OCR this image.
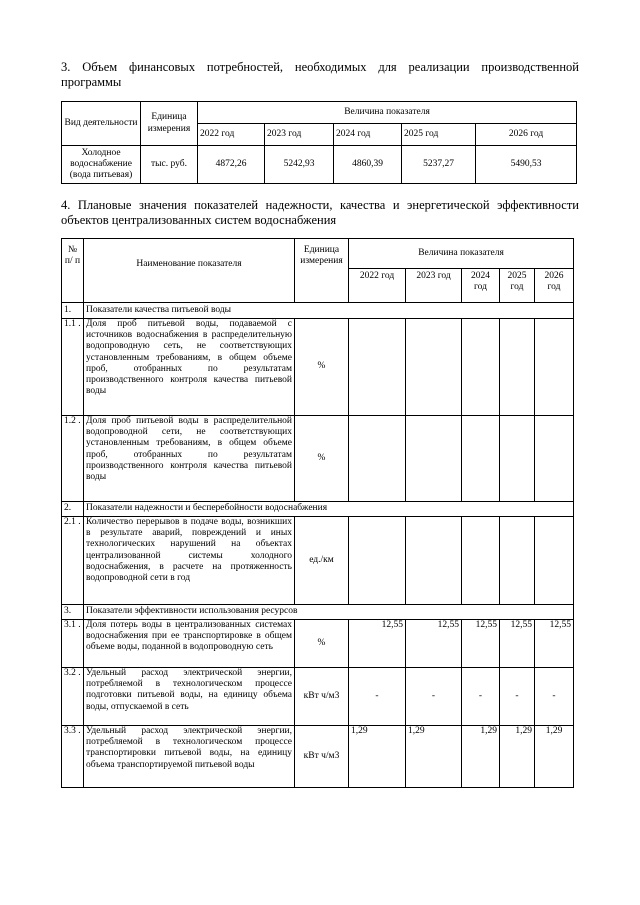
3. Объем финансовых потребностей, необходимых для реализации производственной программы
Вид деятельности	Единица измерения	Величина показателя				
		2022 год	2023 год	2024 год	2025 год	2026 год
Холодное водоснабжение (вода питьевая)	тыс. руб.	4872,26	5242,93	4860,39	5237,27	5490,53
4. Плановые значения показателей надежности, качества и энергетической эффективности объектов централизованных систем водоснабжения
№ п/ п	Наименование показателя	Единица измерения	Величина показателя				
			2022 год	2023 год	2024 год	2025 год	2026 год
1.	Показатели качества питьевой воды						
1.1 .	Доля проб питьевой воды, подаваемой с источников водоснабжения в распределительную водопроводную сеть, не соответствующих установленным требованиям, в общем объеме проб, отобранных по результатам производственного контроля качества питьевой воды	%					
1.2 .	Доля проб питьевой воды в распределительной водопроводной сети, не соответствующих установленным требованиям, в общем объеме проб, отобранных по результатам производственного контроля качества питьевой воды	%					
2.	Показатели надежности и бесперебойности водоснабжения						
2.1 .	Количество перерывов в подаче воды, возникших в результате аварий, повреждений и иных технологических нарушений на объектах централизованной системы холодного водоснабжения, в расчете на протяженность водопроводной сети в год	ед./км					
3.	Показатели эффективности использования ресурсов						
3.1 .	Доля потерь воды в централизованных системах водоснабжения при ее транспортировке в общем объеме воды, поданной в водопроводную сеть	%	12,55	12,55	12,55	12,55	12,55
3.2 .	Удельный расход электрической энергии, потребляемой в технологическом процессе подготовки питьевой воды, на единицу объема воды, отпускаемой в сеть	кВт ч/м3	-	-	-	-	-
3.3 .	Удельный расход электрической энергии, потребляемой в технологическом процессе транспортировки питьевой воды, на единицу объема транспортируемой питьевой воды	кВт ч/м3	1,29	1,29	1,29	1,29	1,29
